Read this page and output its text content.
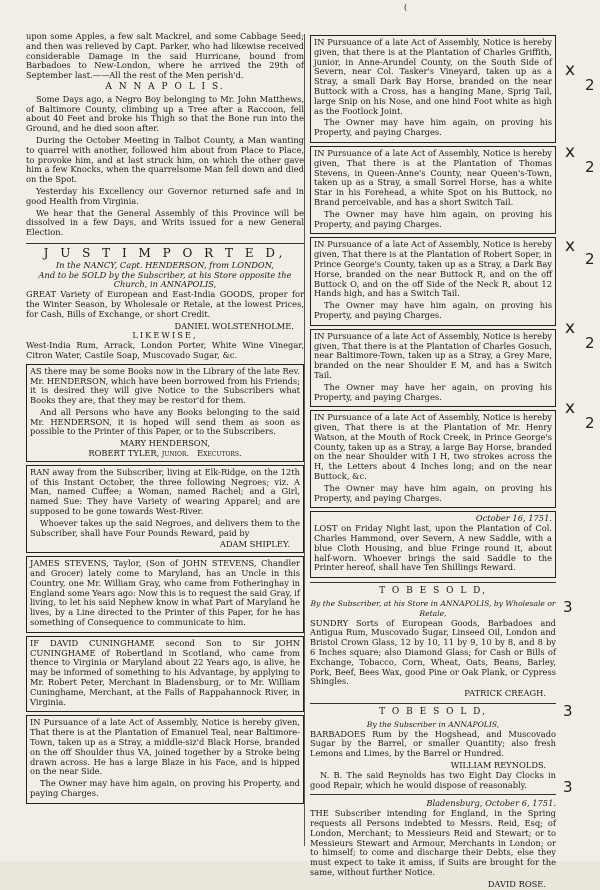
(

upon some Apples, a few salt Mackrel, and some Cabbage Seed; and then was relieved by Capt. Parker, who had likewise received considerable Damage in the said Hurricane, bound from Barbadoes to New-London, where he arrived the 29th of September last.——All the rest of the Men perish'd.

A N N A P O L I S.

Some Days ago, a Negro Boy belonging to Mr. John Matthews, of Baltimore County, climbing up a Tree after a Raccoon, fell about 40 Feet and broke his Thigh so that the Bone run into the Ground, and he died soon after.

During the October Meeting in Talbot County, a Man wanting to quarrel with another, followed him about from Place to Place, to provoke him, and at last struck him, on which the other gave him a few Knocks, when the quarrelsome Man fell down and died on the Spot.

Yesterday his Excellency our Governor returned safe and in good Health from Virginia.

We hear that the General Assembly of this Province will be dissolved in a few Days, and Writs issued for a new General Election.

J U S T I M P O R T E D,
In the NANCY, Capt. HENDERSON, from LONDON,
And to be SOLD by the Subscriber, at his Store opposite the Church, in ANNAPOLIS,

GREAT Variety of European and East-India GOODS, proper for the Winter Season, by Wholesale or Retale, at the lowest Prices, for Cash, Bills of Exchange, or short Credit.

DANIEL WOLSTENHOLME.
LIKEWISE,

West-India Rum, Arrack, London Porter, White Wine Vinegar, Citron Water, Castile Soap, Muscovado Sugar, &c.

AS there may be some Books now in the Library of the late Rev. Mr. HENDERSON, which have been borrowed from his Friends; it is desired they will give Notice to the Subscribers what Books they are, that they may be restor'd for them.

And all Persons who have any Books belonging to the said Mr. HENDERSON, it is hoped will send them as soon as possible to the Printer of this Paper, or to the Subscribers.

MARY HENDERSON,
ROBERT TYLER, junior. Executors.

RAN away from the Subscriber, living at Elk-Ridge, on the 12th of this Instant October, the three following Negroes; viz. A Man, named Cuffee; a Woman, named Rachel; and a Girl, named Sue: They have Variety of wearing Apparel; and are supposed to be gone towards West-River.

Whoever takes up the said Negroes, and delivers them to the Subscriber, shall have Four Pounds Reward, paid by

ADAM SHIPLEY.

JAMES STEVENS, Taylor, (Son of JOHN STEVENS, Chandler and Grocer) lately come to Maryland, has an Uncle in this Country, one Mr. William Gray, who came from Fotheringhay in England some Years ago: Now this is to request the said Gray, if living, to let his said Nephew know in what Part of Maryland he lives, by a Line directed to the Printer of this Paper, for he has something of Consequence to communicate to him.

IF DAVID CUNINGHAME second Son to Sir JOHN CUNINGHAME of Robertland in Scotland, who came from thence to Virginia or Maryland about 22 Years ago, is alive, he may be informed of something to his Advantage, by applying to Mr. Robert Peter, Merchant in Bladensburg, or to Mr. William Cuninghame, Merchant, at the Falls of Rappahannock River, in Virginia.

IN Pursuance of a late Act of Assembly, Notice is hereby given, That there is at the Plantation of Emanuel Teal, near Baltimore-Town, taken up as a Stray, a middle-siz'd Black Horse, branded on the off Shoulder thus VA, joined together by a Stroke being drawn across. He has a large Blaze in his Face, and is hipped on the near Side.

The Owner may have him again, on proving his Property, and paying Charges.

IN Pursuance of a late Act of Assembly, Notice is hereby given, that there is at the Plantation of Charles Griffith, junior, in Anne-Arundel County, on the South Side of Severn, near Col. Tasker's Vineyard, taken up as a Stray, a small Dark Bay Horse, branded on the near Buttock with a Cross, has a hanging Mane, Sprig Tail, large Snip on his Nose, and one hind Foot white as high as the Footlock Joint.

The Owner may have him again, on proving his Property, and paying Charges.

IN Pursuance of a late Act of Assembly, Notice is hereby given, That there is at the Plantation of Thomas Stevens, in Queen-Anne's County, near Queen's-Town, taken up as a Stray, a small Sorrel Horse, has a white Star in his Forehead, a white Spot on his Buttock, no Brand perceivable, and has a short Switch Tail.

The Owner may have him again, on proving his Property, and paying Charges.

IN Pursuance of a late Act of Assembly, Notice is hereby given, That there is at the Plantation of Robert Soper, in Prince George's County, taken up as a Stray, a Dark Bay Horse, branded on the near Buttock R, and on the off Buttock O, and on the off Side of the Neck R, about 12 Hands high, and has a Switch Tail.

The Owner may have him again, on proving his Property, and paying Charges.

IN Pursuance of a late Act of Assembly, Notice is hereby given, That there is at the Plantation of Charles Gosuch, near Baltimore-Town, taken up as a Stray, a Grey Mare, branded on the near Shoulder E M, and has a Switch Tail.

The Owner may have her again, on proving his Property, and paying Charges.

IN Pursuance of a late Act of Assembly, Notice is hereby given, That there is at the Plantation of Mr. Henry Watson, at the Mouth of Rock Creek, in Prince George's County, taken up as a Stray, a large Bay Horse, branded on the near Shoulder with I H, two strokes across the H, the Letters about 4 Inches long; and on the near Buttock, &c.

The Owner may have him again, on proving his Property, and paying Charges.

October 16, 1751.

LOST on Friday Night last, upon the Plantation of Col. Charles Hammond, over Severn, A new Saddle, with a blue Cloth Housing, and blue Fringe round it, about half-worn. Whoever brings the said Saddle to the Printer hereof, shall have Ten Shillings Reward.

T O B E S O L D,
By the Subscriber, at his Store in ANNAPOLIS, by Wholesale or Retale,

SUNDRY Sorts of European Goods, Barbadoes and Antigua Rum, Muscovado Sugar, Linseed Oil, London and Bristol Crown Glass, 12 by 10, 11 by 9, 10 by 8, and 8 by 6 Inches square; also Diamond Glass; for Cash or Bills of Exchange, Tobacco, Corn, Wheat, Oats, Beans, Barley, Pork, Beef, Bees Wax, good Pine or Oak Plank, or Cypress Shingles.

PATRICK CREAGH.
T O B E S O L D,
By the Subscriber in ANNAPOLIS,

BARBADOES Rum by the Hogshead, and Muscovado Sugar by the Barrel, or smaller Quantity; also fresh Lemons and Limes, by the Barrel or Hundred.

WILLIAM REYNOLDS.

N. B. The said Reynolds has two Eight Day Clocks in good Repair, which he would dispose of reasonably.

Bladensburg, October 6, 1751.

THE Subscriber intending for England, in the Spring requests all Persons indebted to Messrs. Reid, Esq; of London, Merchant; to Messieurs Reid and Stewart; or to Messieurs Stewart and Armour, Merchants in London; or to himself; to come and discharge their Debts, else they must expect to take it amiss, if Suits are brought for the same, without further Notice.

DAVID ROSE.
x
2
x
2
x
2
x
2
x
2
3
3
3
